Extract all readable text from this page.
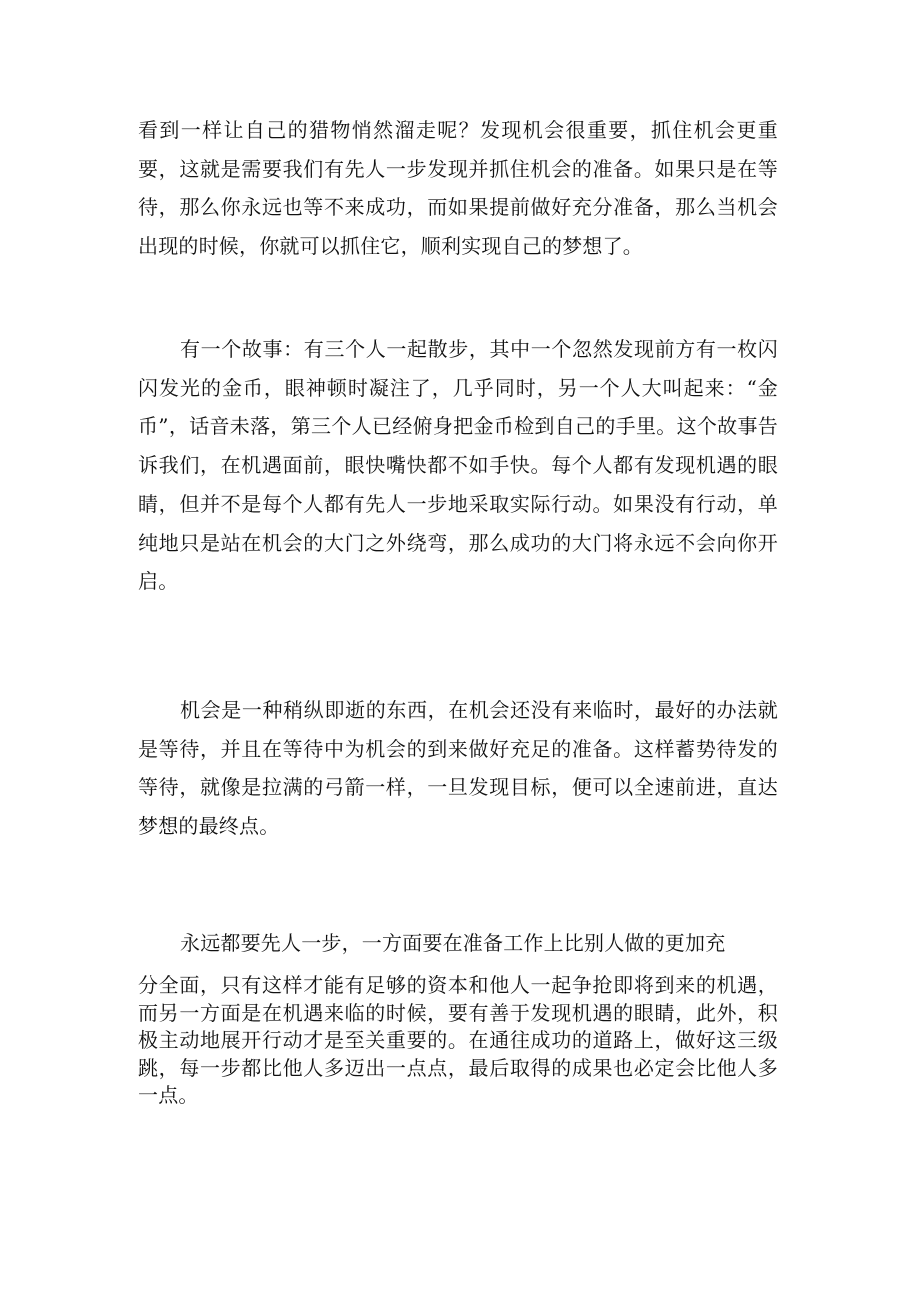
看到一样让自己的猎物悄然溜走呢？发现机会很重要，抓住机会更重要，这就是需要我们有先人一步发现并抓住机会的准备。如果只是在等待，那么你永远也等不来成功，而如果提前做好充分准备，那么当机会出现的时候，你就可以抓住它，顺利实现自己的梦想了。

有一个故事：有三个人一起散步，其中一个忽然发现前方有一枚闪闪发光的金币，眼神顿时凝注了，几乎同时，另一个人大叫起来：“金币”，话音未落，第三个人已经俯身把金币检到自己的手里。这个故事告诉我们，在机遇面前，眼快嘴快都不如手快。每个人都有发现机遇的眼睛，但并不是每个人都有先人一步地采取实际行动。如果没有行动，单纯地只是站在机会的大门之外绕弯，那么成功的大门将永远不会向你开启。

机会是一种稍纵即逝的东西，在机会还没有来临时，最好的办法就是等待，并且在等待中为机会的到来做好充足的准备。这样蓄势待发的等待，就像是拉满的弓箭一样，一旦发现目标，便可以全速前进，直达梦想的最终点。

永远都要先人一步，一方面要在准备工作上比别人做的更加充

分全面，只有这样才能有足够的资本和他人一起争抢即将到来的机遇，而另一方面是在机遇来临的时候，要有善于发现机遇的眼睛，此外，积极主动地展开行动才是至关重要的。在通往成功的道路上，做好这三级跳，每一步都比他人多迈出一点点，最后取得的成果也必定会比他人多一点。
